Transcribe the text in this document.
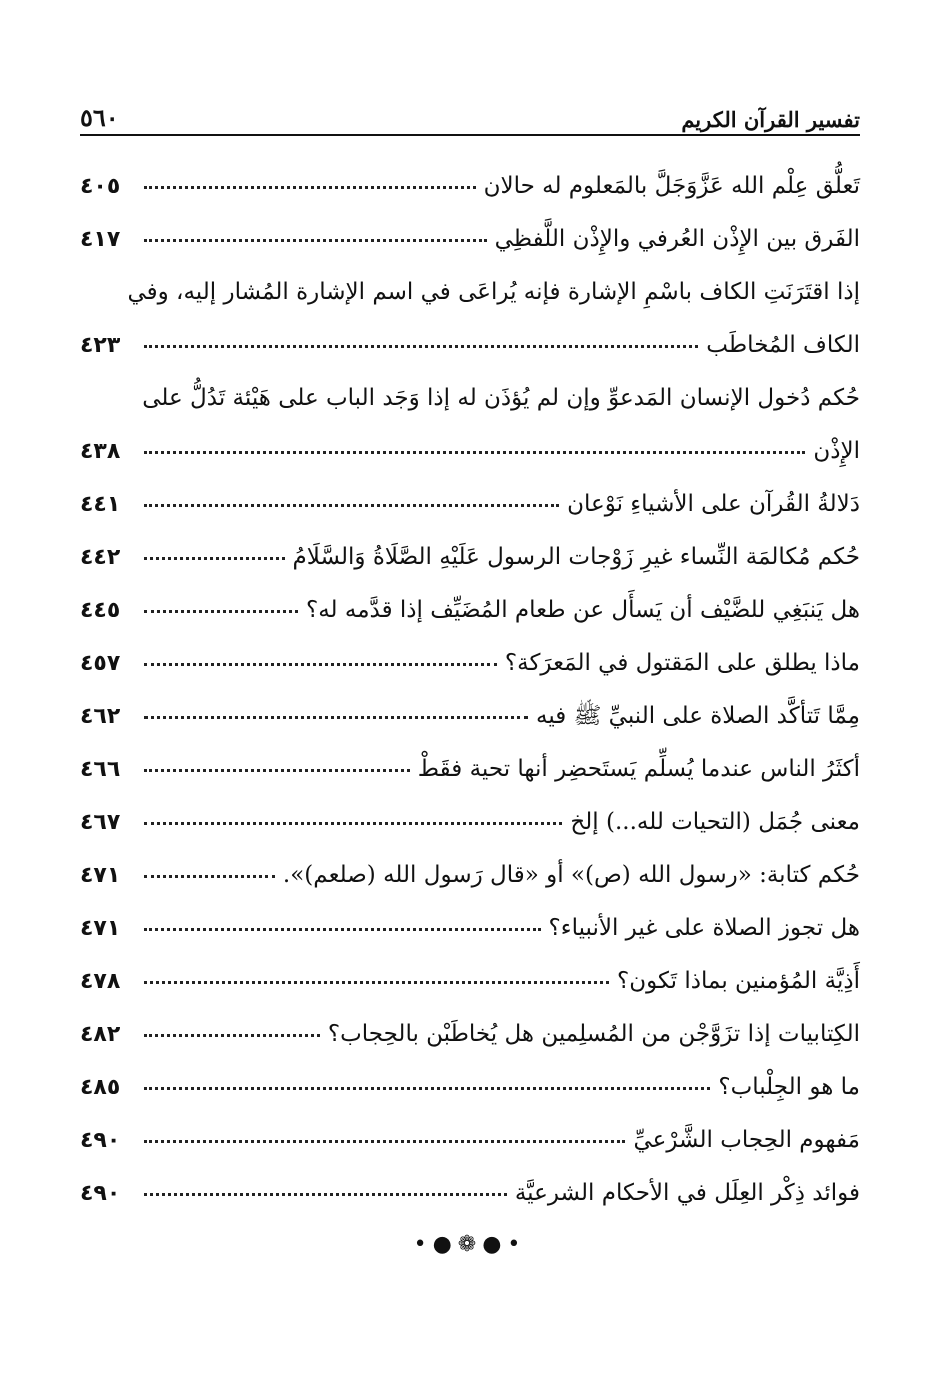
٥٦٠	تفسير القرآن الكريم
تَعلُّق عِلْم الله عَزَّوَجَلَّ بالمَعلوم له حالان
٤٠٥
الفَرق بين الإِذْن العُرفي والإِذْن اللَّفظِي
٤١٧
إذا اقتَرَنَتِ الكاف باسْمِ الإشارة فإنه يُراعَى في اسم الإشارة المُشار إليه، وفي
الكاف المُخاطَب
٤٢٣
حُكم دُخول الإنسان المَدعوِّ وإن لم يُؤذَن له إذا وَجَد الباب على هَيْئة تَدُلُّ على
الإِذْن
٤٣٨
دَلالةُ القُرآن على الأشياءِ نَوْعان
٤٤١
حُكم مُكالمَة النِّساء غيرِ زَوْجات الرسول عَلَيْهِ الصَّلَاةُ وَالسَّلَامُ
٤٤٢
هل يَنبَغِي للضَّيْف أن يَسأَل عن طعام المُضَيِّف إذا قدَّمه له؟
٤٤٥
ماذا يطلق على المَقتول في المَعرَكة؟
٤٥٧
مِمَّا تَتأكَّد الصلاة على النبيِّ ﷺ فيه
٤٦٢
أكثَرُ الناس عندما يُسلِّم يَستَحضِر أنها تحية فقَطْ
٤٦٦
معنى جُمَل (التحيات لله...) إلخ
٤٦٧
حُكم كتابة: «رسول الله (ص)» أو «قال رَسول الله (صلعم)».
٤٧١
هل تجوز الصلاة على غير الأنبياء؟
٤٧١
أَذِيَّة المُؤمنين بماذا تَكون؟
٤٧٨
الكِتابيات إذا تزَوَّجْن من المُسلِمين هل يُخاطَبْن بالحِجاب؟
٤٨٢
ما هو الجِلْباب؟
٤٨٥
مَفهوم الحِجاب الشَّرْعيِّ
٤٩٠
فوائد ذِكْر العِلَل في الأحكام الشرعيَّة
٤٩٠
•●❁●•
